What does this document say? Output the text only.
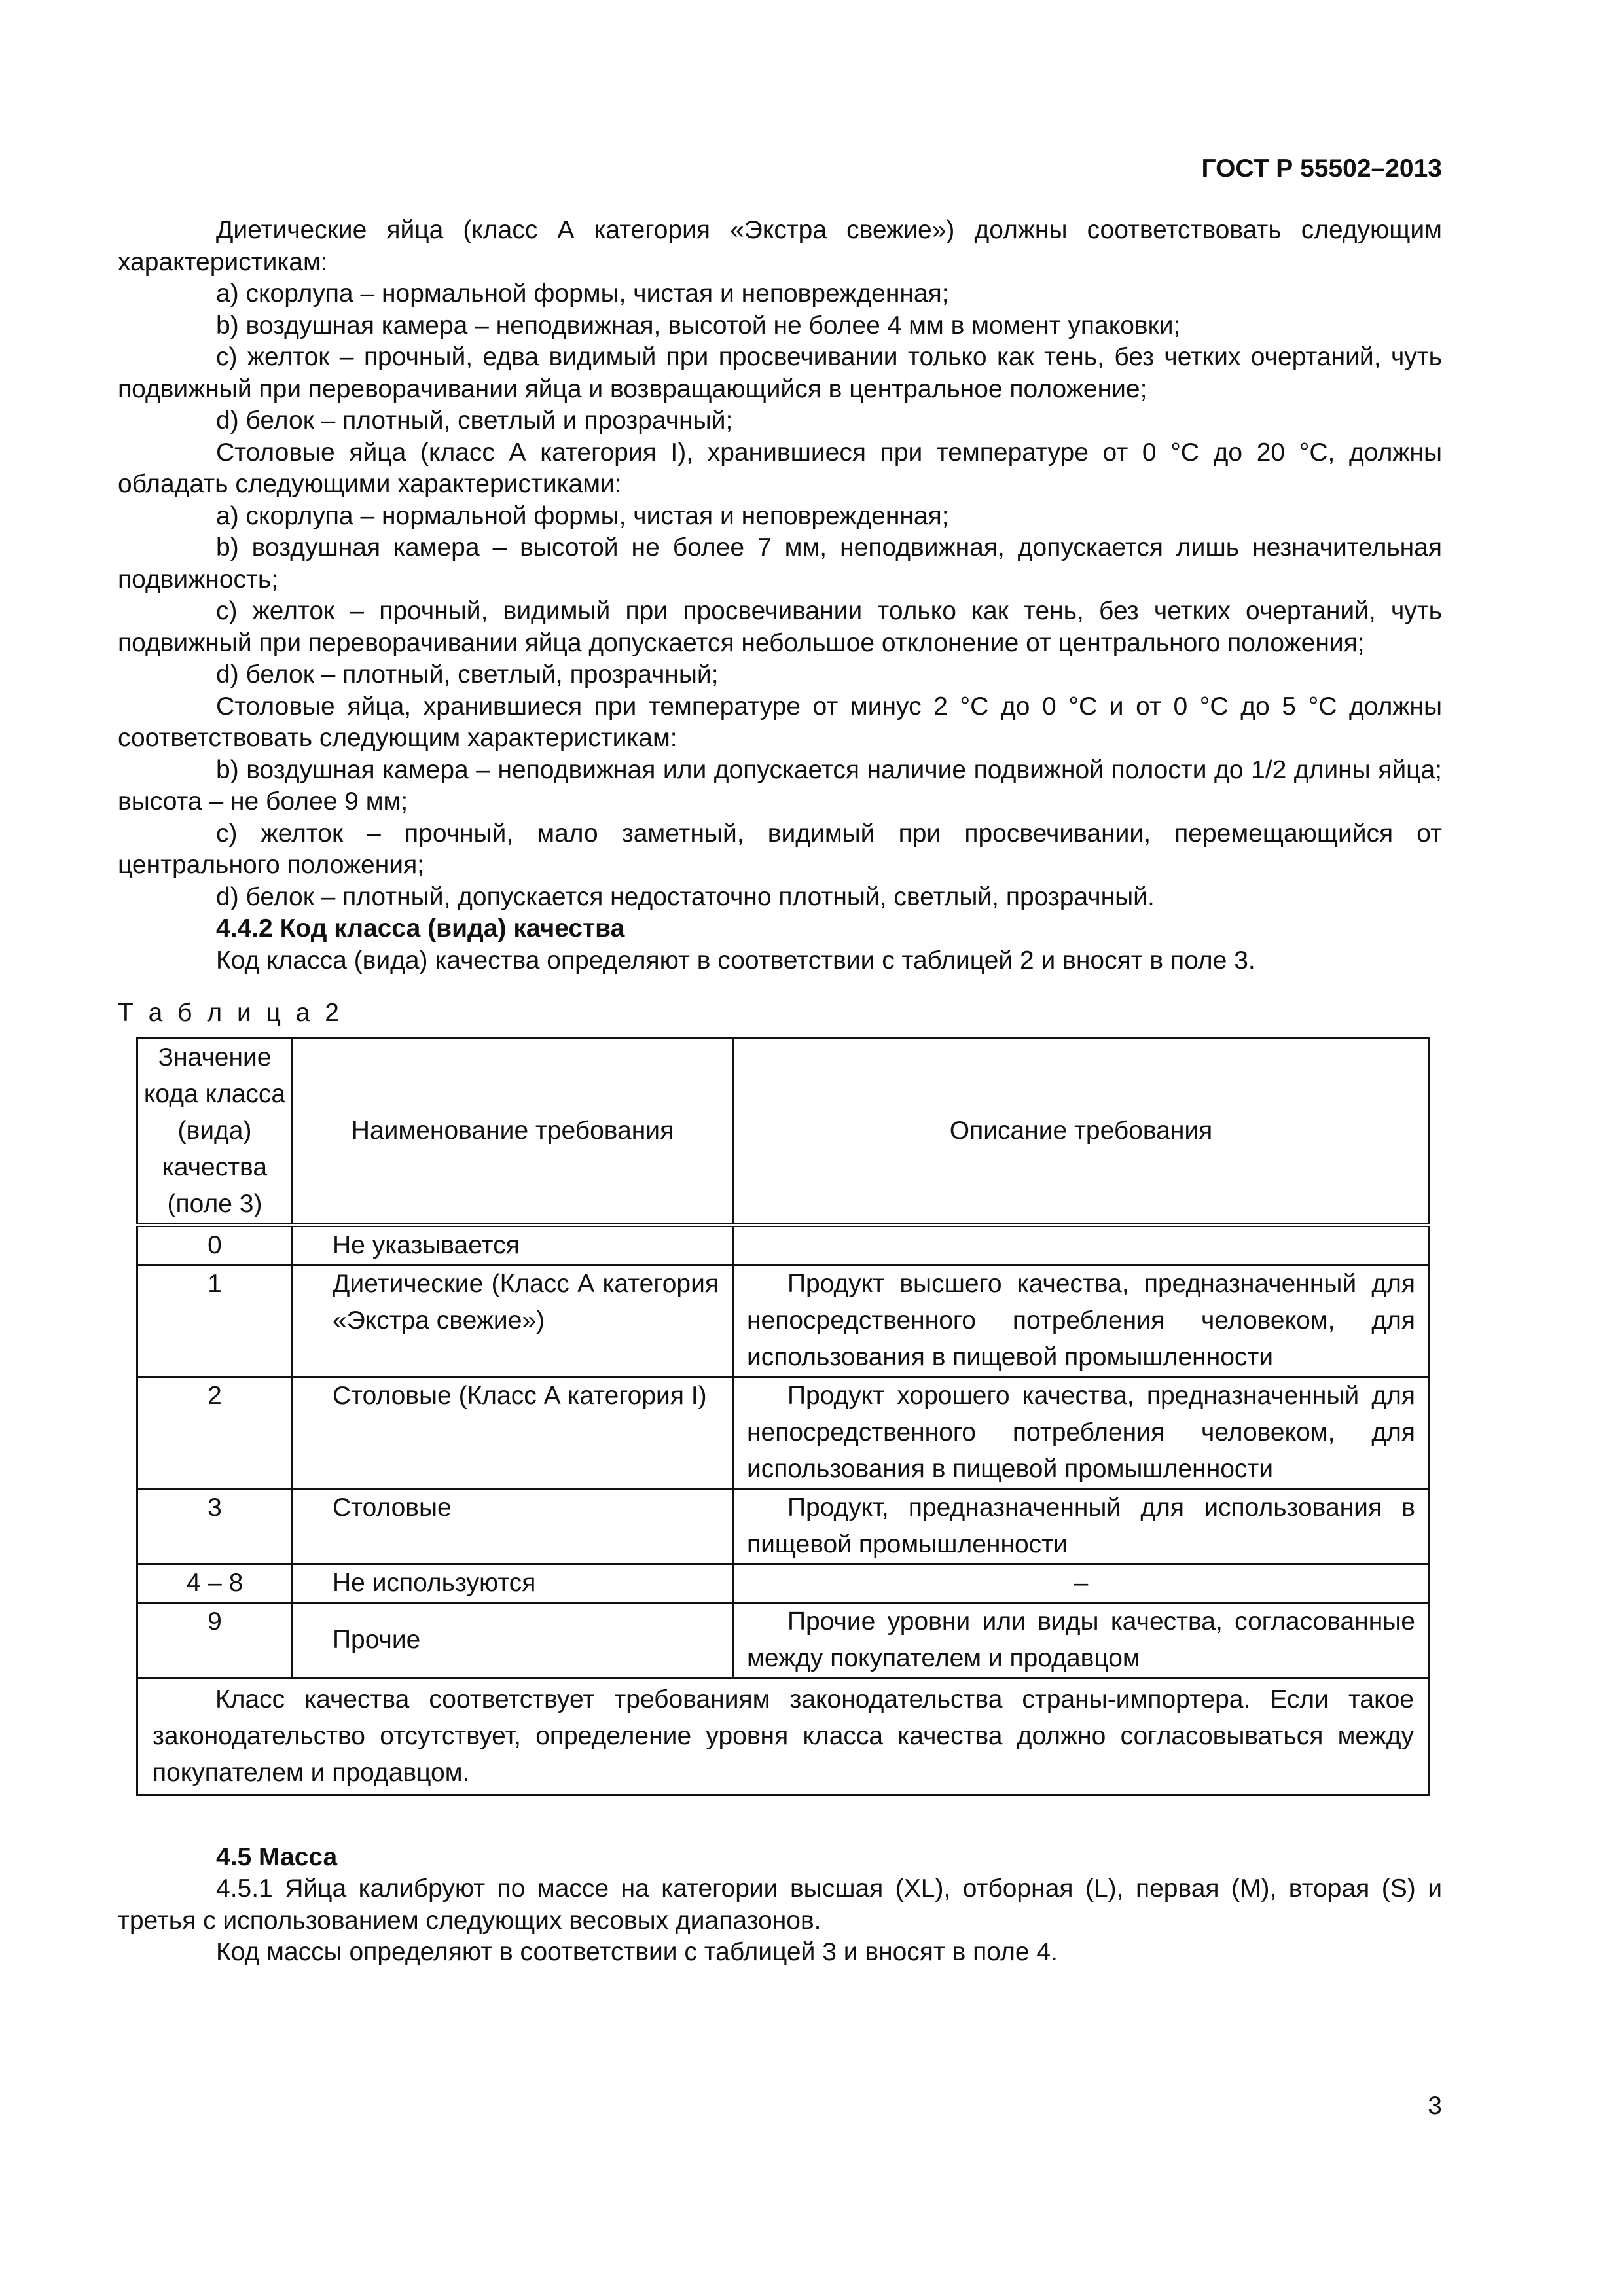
ГОСТ Р 55502–2013

Диетические яйца (класс А категория «Экстра свежие») должны соответствовать следующим характеристикам:

a) скорлупа – нормальной формы, чистая и неповрежденная;

b) воздушная камера – неподвижная, высотой не более 4 мм в момент упаковки;

c) желток – прочный, едва видимый при просвечивании только как тень, без четких очертаний, чуть подвижный при переворачивании яйца и возвращающийся в центральное положение;

d) белок – плотный, светлый и прозрачный;

Столовые яйца (класс А категория I), хранившиеся при температуре от 0 °С до 20 °С, должны обладать следующими характеристиками:

a) скорлупа – нормальной формы, чистая и неповрежденная;

b) воздушная камера – высотой не более 7 мм, неподвижная, допускается лишь незначительная подвижность;

c) желток – прочный, видимый при просвечивании только как тень, без четких очертаний, чуть подвижный при переворачивании яйца допускается небольшое отклонение от центрального положения;

d) белок – плотный, светлый, прозрачный;

Столовые яйца, хранившиеся при температуре от минус 2 °С до 0 °С и от 0 °С до 5 °С должны соответствовать следующим характеристикам:

b) воздушная камера – неподвижная или допускается наличие подвижной полости до 1/2 длины яйца; высота – не более 9 мм;

c) желток – прочный, мало заметный, видимый при просвечивании, перемещающийся от центрального положения;

d) белок – плотный, допускается недостаточно плотный, светлый, прозрачный.

4.4.2 Код класса (вида) качества

Код класса (вида) качества определяют в соответствии с таблицей 2 и вносят в поле 3.

Т а б л и ц а 2

Значение кода класса (вида) качества (поле 3)	Наименование требования	Описание требования
0	Не указывается	
1	Диетические (Класс А категория «Экстра свежие»)	Продукт высшего качества, предназначенный для непосредственного потребления человеком, для использования в пищевой промышленности
2	Столовые (Класс А категория I)	Продукт хорошего качества, предназначенный для непосредственного потребления человеком, для использования в пищевой промышленности
3	Столовые	Продукт, предназначенный для использования в пищевой промышленности
4 – 8	Не используются	–
9	Прочие	Прочие уровни или виды качества, согласованные между покупателем и продавцом
Класс качества соответствует требованиям законодательства страны-импортера. Если такое законодательство отсутствует, определение уровня класса качества должно согласовываться между покупателем и продавцом.		

4.5 Масса

4.5.1 Яйца калибруют по массе на категории высшая (XL), отборная (L), первая (M), вторая (S) и третья с использованием следующих весовых диапазонов.

Код массы определяют в соответствии с таблицей 3 и вносят в поле 4.

3
